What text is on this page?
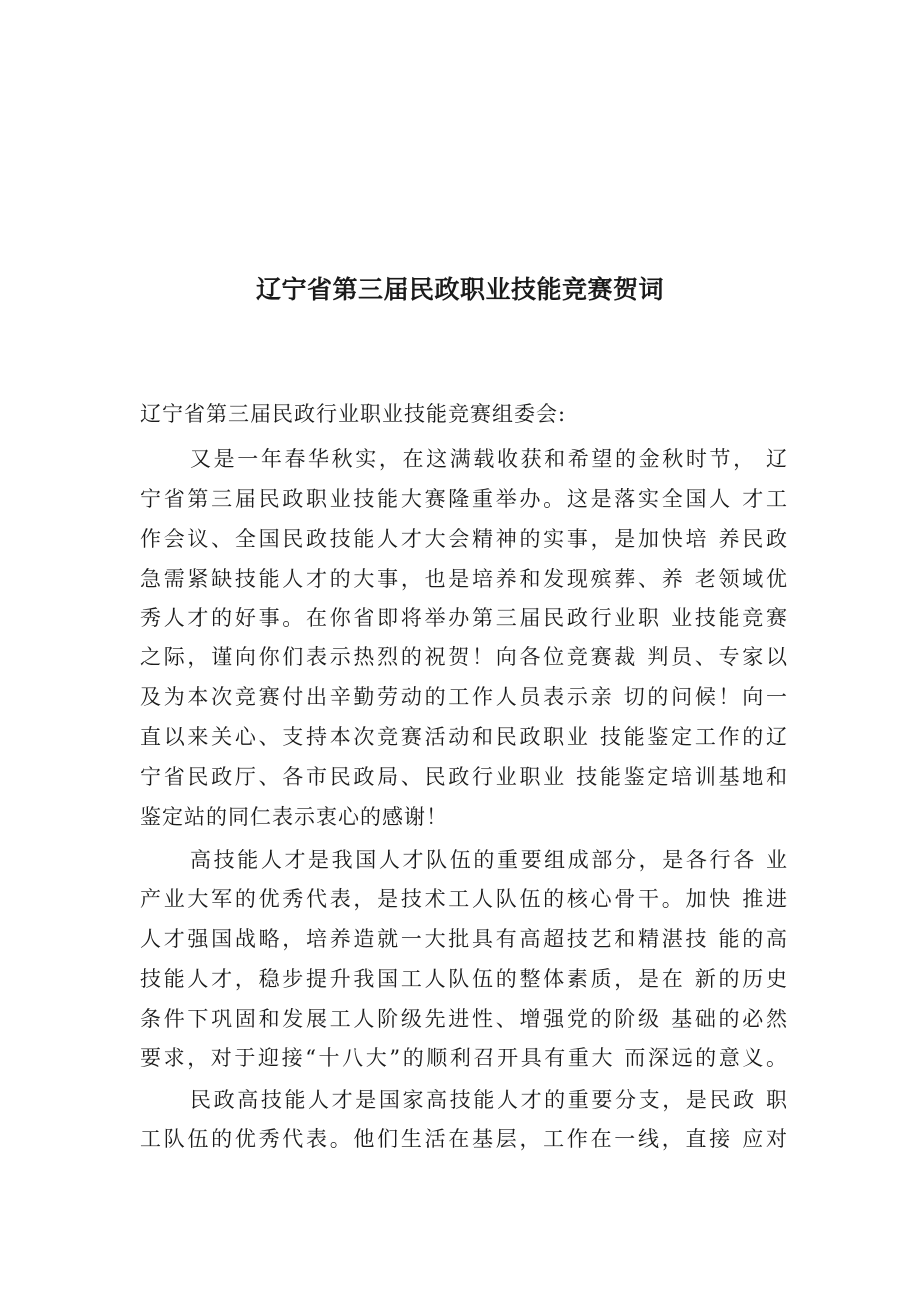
辽宁省第三届民政职业技能竞赛贺词
辽宁省第三届民政行业职业技能竞赛组委会:
又是一年春华秋实，在这满载收获和希望的金秋时节， 辽
宁省第三届民政职业技能大赛隆重举办。这是落实全国人 才工
作会议、全国民政技能人才大会精神的实事，是加快培 养民政
急需紧缺技能人才的大事，也是培养和发现殡葬、养 老领域优
秀人才的好事。在你省即将举办第三届民政行业职 业技能竞赛
之际，谨向你们表示热烈的祝贺！向各位竞赛裁 判员、专家以
及为本次竞赛付出辛勤劳动的工作人员表示亲 切的问候！向一
直以来关心、支持本次竞赛活动和民政职业 技能鉴定工作的辽
宁省民政厅、各市民政局、民政行业职业 技能鉴定培训基地和
鉴定站的同仁表示衷心的感谢！
高技能人才是我国人才队伍的重要组成部分，是各行各 业
产业大军的优秀代表，是技术工人队伍的核心骨干。加快 推进
人才强国战略，培养造就一大批具有高超技艺和精湛技 能的高
技能人才，稳步提升我国工人队伍的整体素质，是在 新的历史
条件下巩固和发展工人阶级先进性、增强党的阶级 基础的必然
要求，对于迎接“十八大”的顺利召开具有重大 而深远的意义。
民政高技能人才是国家高技能人才的重要分支，是民政 职
工队伍的优秀代表。他们生活在基层，工作在一线，直接 应对
